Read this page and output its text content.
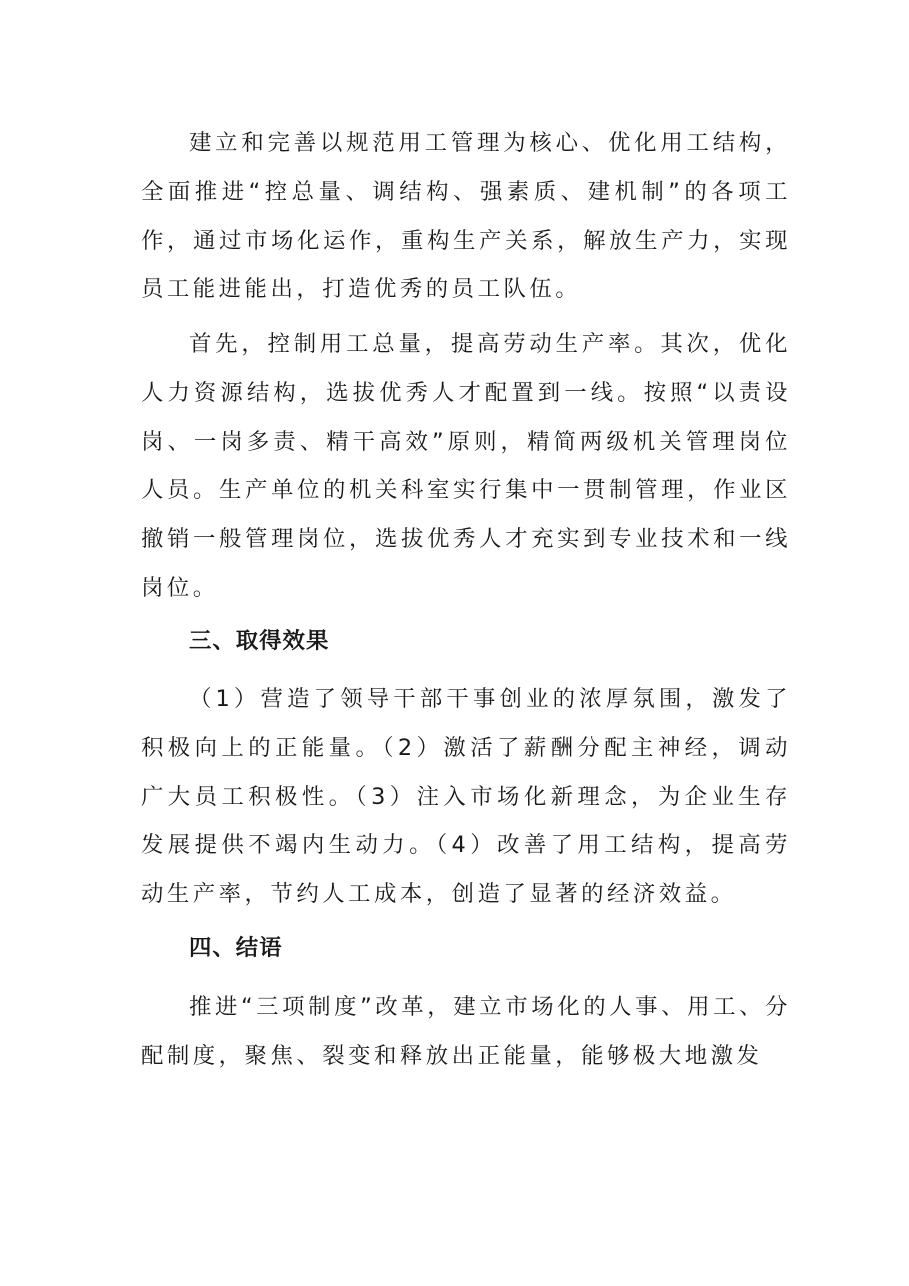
建立和完善以规范用工管理为核心、优化用工结构，全面推进“控总量、调结构、强素质、建机制”的各项工作，通过市场化运作，重构生产关系，解放生产力，实现员工能进能出，打造优秀的员工队伍。

首先，控制用工总量，提高劳动生产率。其次，优化人力资源结构，选拔优秀人才配置到一线。按照“以责设岗、一岗多责、精干高效”原则，精简两级机关管理岗位人员。生产单位的机关科室实行集中一贯制管理，作业区撤销一般管理岗位，选拔优秀人才充实到专业技术和一线岗位。

三、取得效果

（1）营造了领导干部干事创业的浓厚氛围，激发了积极向上的正能量。（2）激活了薪酬分配主神经，调动广大员工积极性。（3）注入市场化新理念，为企业生存发展提供不竭内生动力。（4）改善了用工结构，提高劳动生产率，节约人工成本，创造了显著的经济效益。

四、结语

推进“三项制度”改革，建立市场化的人事、用工、分配制度，聚焦、裂变和释放出正能量，能够极大地激发
